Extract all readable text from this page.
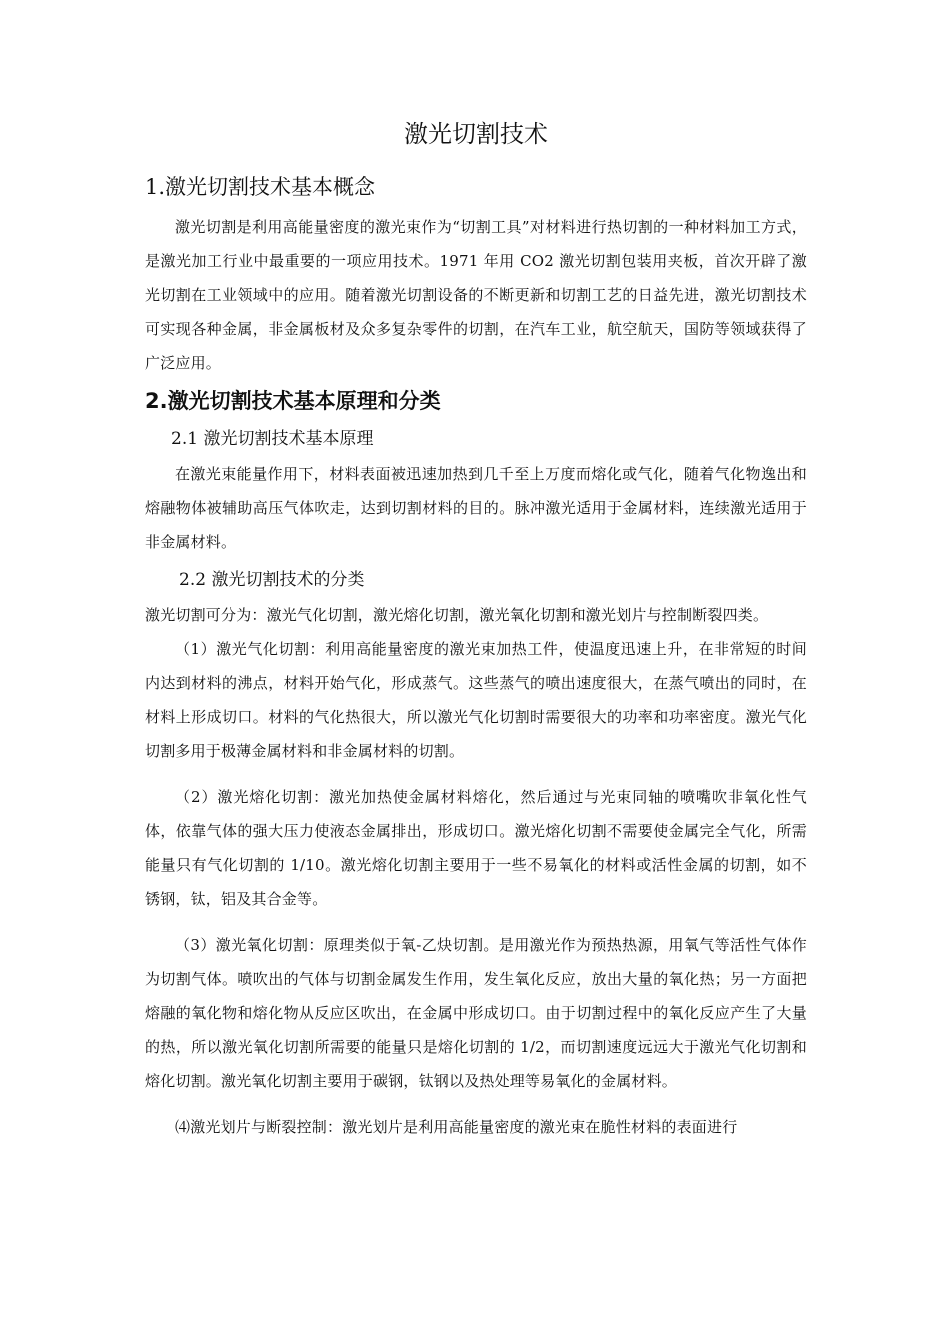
激光切割技术
1.激光切割技术基本概念

激光切割是利用高能量密度的激光束作为“切割工具”对材料进行热切割的一种材料加工方式，是激光加工行业中最重要的一项应用技术。1971 年用 CO2 激光切割包装用夹板，首次开辟了激光切割在工业领域中的应用。随着激光切割设备的不断更新和切割工艺的日益先进，激光切割技术可实现各种金属，非金属板材及众多复杂零件的切割，在汽车工业，航空航天，国防等领域获得了广泛应用。

2.激光切割技术基本原理和分类
2.1 激光切割技术基本原理

在激光束能量作用下，材料表面被迅速加热到几千至上万度而熔化或气化，随着气化物逸出和熔融物体被辅助高压气体吹走，达到切割材料的目的。脉冲激光适用于金属材料，连续激光适用于非金属材料。

2.2 激光切割技术的分类

激光切割可分为：激光气化切割，激光熔化切割，激光氧化切割和激光划片与控制断裂四类。

（1）激光气化切割：利用高能量密度的激光束加热工件，使温度迅速上升，在非常短的时间内达到材料的沸点，材料开始气化，形成蒸气。这些蒸气的喷出速度很大，在蒸气喷出的同时，在材料上形成切口。材料的气化热很大，所以激光气化切割时需要很大的功率和功率密度。激光气化切割多用于极薄金属材料和非金属材料的切割。

（2）激光熔化切割：激光加热使金属材料熔化，然后通过与光束同轴的喷嘴吹非氧化性气体，依靠气体的强大压力使液态金属排出，形成切口。激光熔化切割不需要使金属完全气化，所需能量只有气化切割的 1/10。激光熔化切割主要用于一些不易氧化的材料或活性金属的切割，如不锈钢，钛，铝及其合金等。

（3）激光氧化切割：原理类似于氧-乙炔切割。是用激光作为预热热源，用氧气等活性气体作为切割气体。喷吹出的气体与切割金属发生作用，发生氧化反应，放出大量的氧化热；另一方面把熔融的氧化物和熔化物从反应区吹出，在金属中形成切口。由于切割过程中的氧化反应产生了大量的热，所以激光氧化切割所需要的能量只是熔化切割的 1/2，而切割速度远远大于激光气化切割和熔化切割。激光氧化切割主要用于碳钢，钛钢以及热处理等易氧化的金属材料。

⑷激光划片与断裂控制：激光划片是利用高能量密度的激光束在脆性材料的表面进行
